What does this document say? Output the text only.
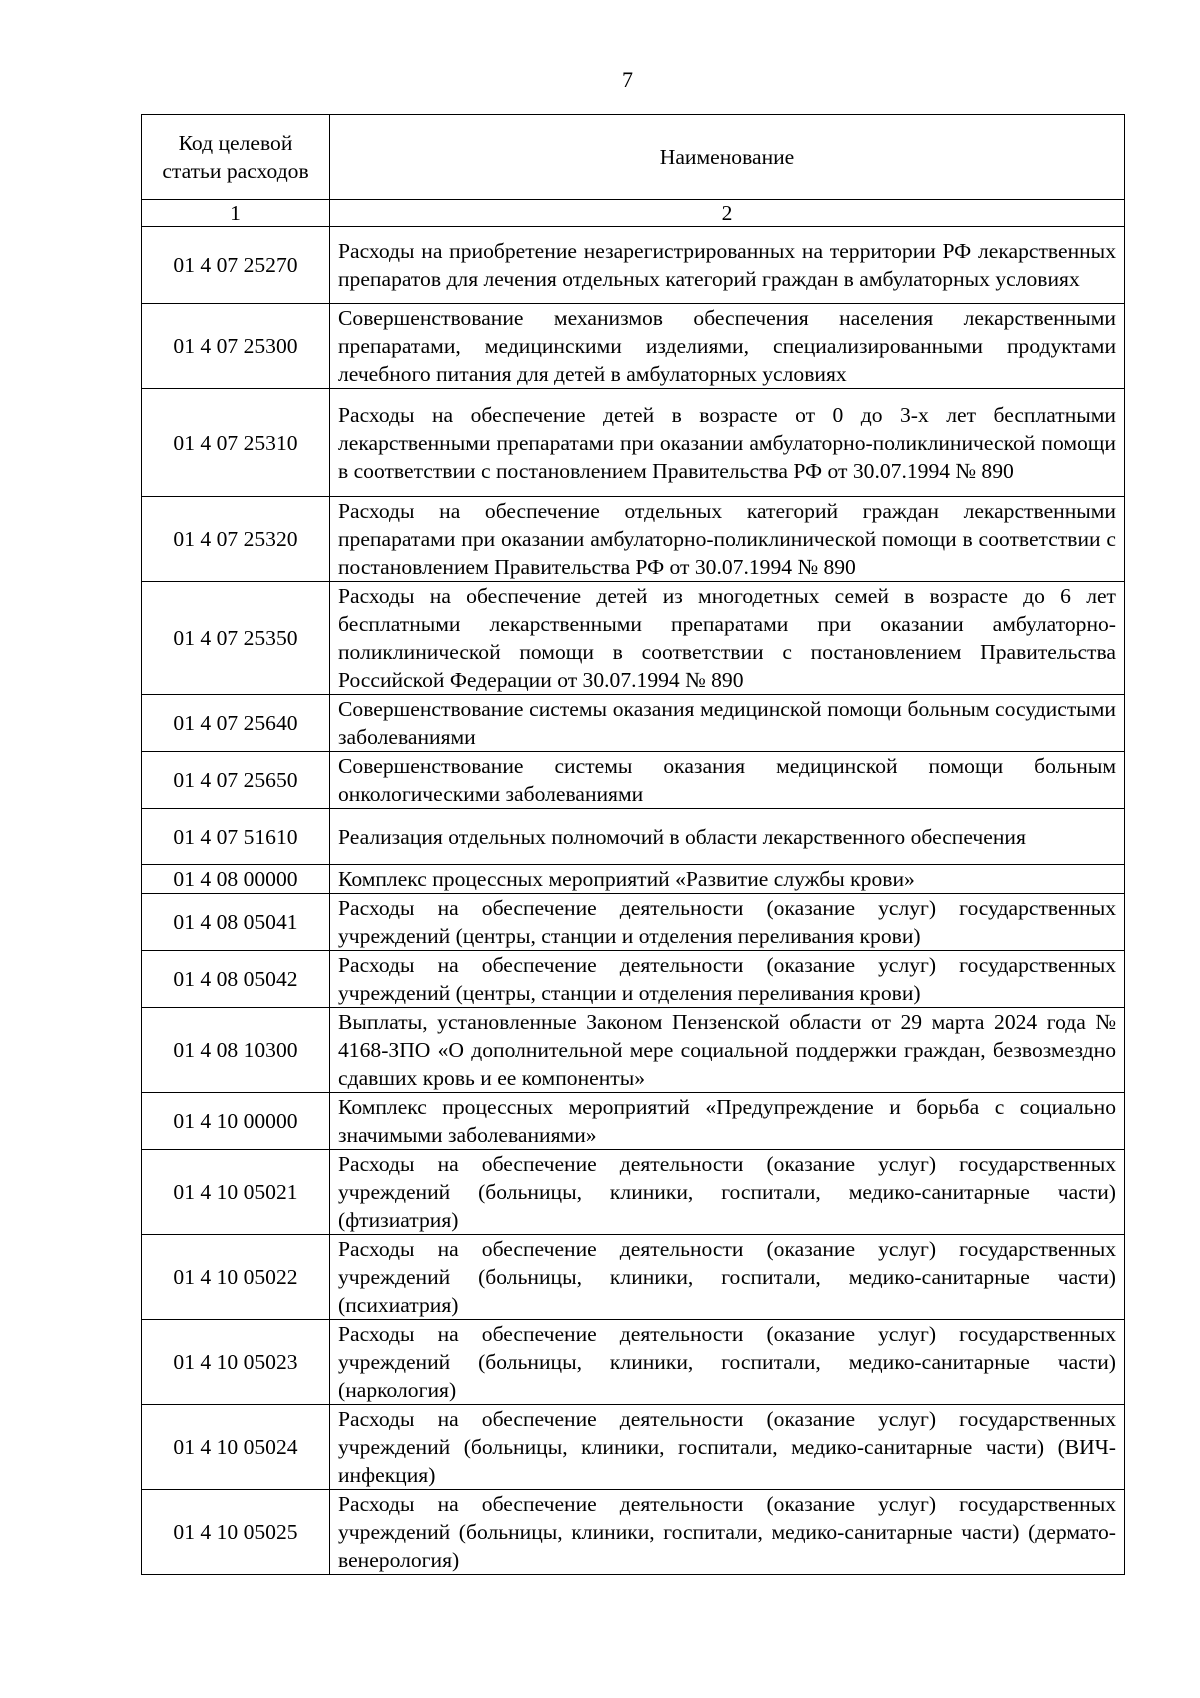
7
Код целевой статьи расходов	Наименование
1	2
01 4 07 25270	Расходы на приобретение незарегистрированных на территории РФ лекарственных препаратов для лечения отдельных категорий граждан в амбулаторных условиях
01 4 07 25300	Совершенствование механизмов обеспечения населения лекарственными препаратами, медицинскими изделиями, специализированными продуктами лечебного питания для детей в амбулаторных условиях
01 4 07 25310	Расходы на обеспечение детей в возрасте от 0 до 3-х лет бесплатными лекарственными препаратами при оказании амбулаторно-поликлинической помощи в соответствии с постановлением Правительства РФ от 30.07.1994 № 890
01 4 07 25320	Расходы на обеспечение отдельных категорий граждан лекарственными препаратами при оказании амбулаторно-поликлинической помощи в соответствии с постановлением Правительства РФ от 30.07.1994 № 890
01 4 07 25350	Расходы на обеспечение детей из многодетных семей в возрасте до 6 лет бесплатными лекарственными препаратами при оказании амбулаторно-поликлинической помощи в соответствии с постановлением Правительства Российской Федерации от 30.07.1994 № 890
01 4 07 25640	Совершенствование системы оказания медицинской помощи больным сосудистыми заболеваниями
01 4 07 25650	Совершенствование системы оказания медицинской помощи больным онкологическими заболеваниями
01 4 07 51610	Реализация отдельных полномочий в области лекарственного обеспечения
01 4 08 00000	Комплекс процессных мероприятий «Развитие службы крови»
01 4 08 05041	Расходы на обеспечение деятельности (оказание услуг) государственных учреждений (центры, станции и отделения переливания крови)
01 4 08 05042	Расходы на обеспечение деятельности (оказание услуг) государственных учреждений (центры, станции и отделения переливания крови)
01 4 08 10300	Выплаты, установленные Законом Пензенской области от 29 марта 2024 года № 4168-ЗПО «О дополнительной мере социальной поддержки граждан, безвозмездно сдавших кровь и ее компоненты»
01 4 10 00000	Комплекс процессных мероприятий «Предупреждение и борьба с социально значимыми заболеваниями»
01 4 10 05021	Расходы на обеспечение деятельности (оказание услуг) государственных учреждений (больницы, клиники, госпитали, медико-санитарные части) (фтизиатрия)
01 4 10 05022	Расходы на обеспечение деятельности (оказание услуг) государственных учреждений (больницы, клиники, госпитали, медико-санитарные части) (психиатрия)
01 4 10 05023	Расходы на обеспечение деятельности (оказание услуг) государственных учреждений (больницы, клиники, госпитали, медико-санитарные части) (наркология)
01 4 10 05024	Расходы на обеспечение деятельности (оказание услуг) государственных учреждений (больницы, клиники, госпитали, медико-санитарные части) (ВИЧ-инфекция)
01 4 10 05025	Расходы на обеспечение деятельности (оказание услуг) государственных учреждений (больницы, клиники, госпитали, медико-санитарные части) (дермато-венерология)
